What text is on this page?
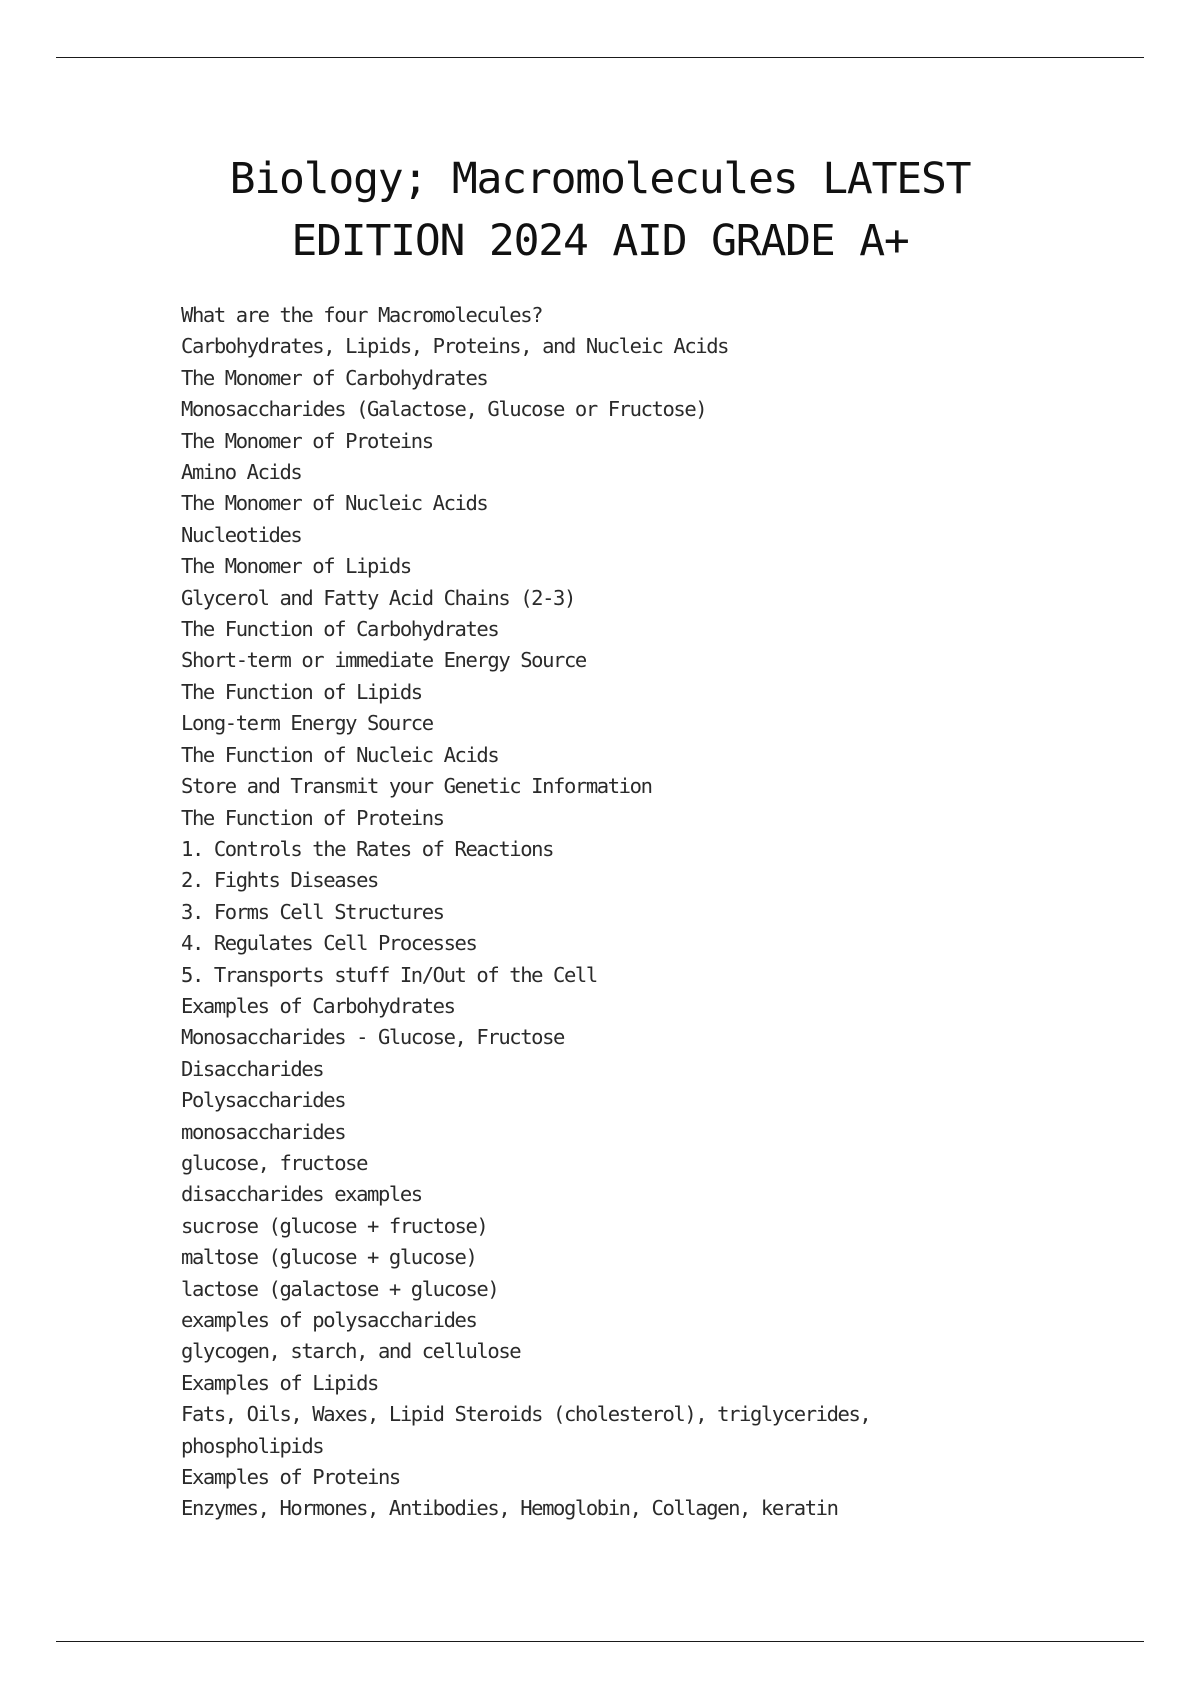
Biology; Macromolecules LATEST EDITION 2024 AID GRADE A+
What are the four Macromolecules?
Carbohydrates, Lipids, Proteins, and Nucleic Acids
The Monomer of Carbohydrates
Monosaccharides (Galactose, Glucose or Fructose)
The Monomer of Proteins
Amino Acids
The Monomer of Nucleic Acids
Nucleotides
The Monomer of Lipids
Glycerol and Fatty Acid Chains (2-3)
The Function of Carbohydrates
Short-term or immediate Energy Source
The Function of Lipids
Long-term Energy Source
The Function of Nucleic Acids
Store and Transmit your Genetic Information
The Function of Proteins
1. Controls the Rates of Reactions
2. Fights Diseases
3. Forms Cell Structures
4. Regulates Cell Processes
5. Transports stuff In/Out of the Cell
Examples of Carbohydrates
Monosaccharides - Glucose, Fructose
Disaccharides
Polysaccharides
monosaccharides
glucose, fructose
disaccharides examples
sucrose (glucose + fructose)
maltose (glucose + glucose)
lactose (galactose + glucose)
examples of polysaccharides
glycogen, starch, and cellulose
Examples of Lipids
Fats, Oils, Waxes, Lipid Steroids (cholesterol), triglycerides, phospholipids
Examples of Proteins
Enzymes, Hormones, Antibodies, Hemoglobin, Collagen, keratin
